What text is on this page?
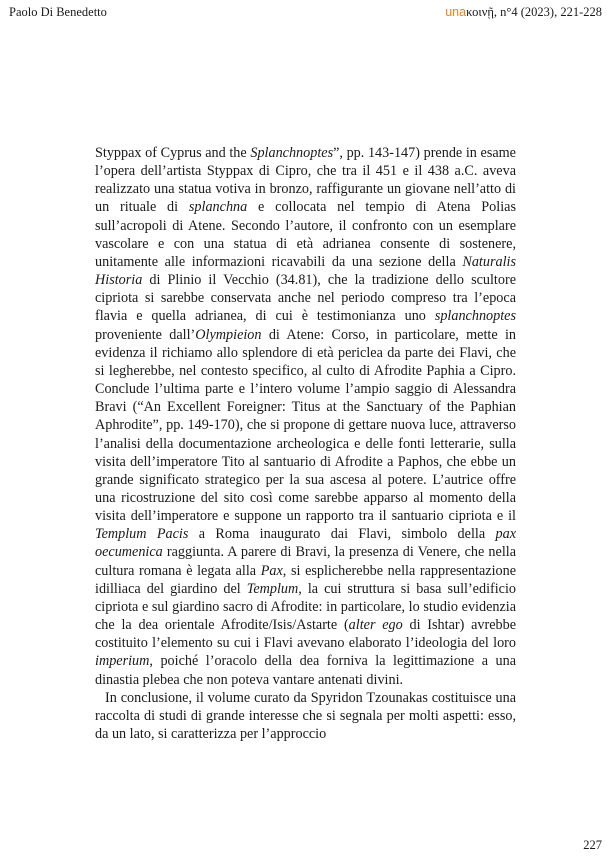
Paolo Di Benedetto	unaκοινῇ, n°4 (2023), 221-228

Styppax of Cyprus and the Splanchnoptes”, pp. 143-147) prende in esame l’opera dell’artista Styppax di Cipro, che tra il 451 e il 438 a.C. aveva realizzato una statua votiva in bronzo, raffigurante un giovane nell’atto di un rituale di splanchna e collocata nel tempio di Atena Polias sull’acropoli di Atene. Secondo l’autore, il confronto con un esemplare vascolare e con una statua di età adrianea consente di sostenere, unitamente alle informazioni ricavabili da una sezione della Naturalis Historia di Plinio il Vecchio (34.81), che la tradizione dello scultore cipriota si sarebbe conservata anche nel periodo compreso tra l’epoca flavia e quella adrianea, di cui è testimonianza uno splanchnoptes proveniente dall’Olympieion di Atene: Corso, in particolare, mette in evidenza il richiamo allo splendore di età periclea da parte dei Flavi, che si legherebbe, nel contesto specifico, al culto di Afrodite Paphia a Cipro. Conclude l’ultima parte e l’intero volume l’ampio saggio di Alessandra Bravi (“An Excellent Foreigner: Titus at the Sanctuary of the Paphian Aphrodite”, pp. 149-170), che si propone di gettare nuova luce, attraverso l’analisi della documentazione archeologica e delle fonti letterarie, sulla visita dell’imperatore Tito al santuario di Afrodite a Paphos, che ebbe un grande significato strategico per la sua ascesa al potere. L’autrice offre una ricostruzione del sito così come sarebbe apparso al momento della visita dell’imperatore e suppone un rapporto tra il santuario cipriota e il Templum Pacis a Roma inaugurato dai Flavi, simbolo della pax oecumenica raggiunta. A parere di Bravi, la presenza di Venere, che nella cultura romana è legata alla Pax, si esplicherebbe nella rappresentazione idilliaca del giardino del Templum, la cui struttura si basa sull’edificio cipriota e sul giardino sacro di Afrodite: in particolare, lo studio evidenzia che la dea orientale Afrodite/Isis/Astarte (alter ego di Ishtar) avrebbe costituito l’elemento su cui i Flavi avevano elaborato l’ideologia del loro imperium, poiché l’oracolo della dea forniva la legittimazione a una dinastia plebea che non poteva vantare antenati divini.

In conclusione, il volume curato da Spyridon Tzounakas costituisce una raccolta di studi di grande interesse che si segnala per molti aspetti: esso, da un lato, si caratterizza per l’approccio

227
